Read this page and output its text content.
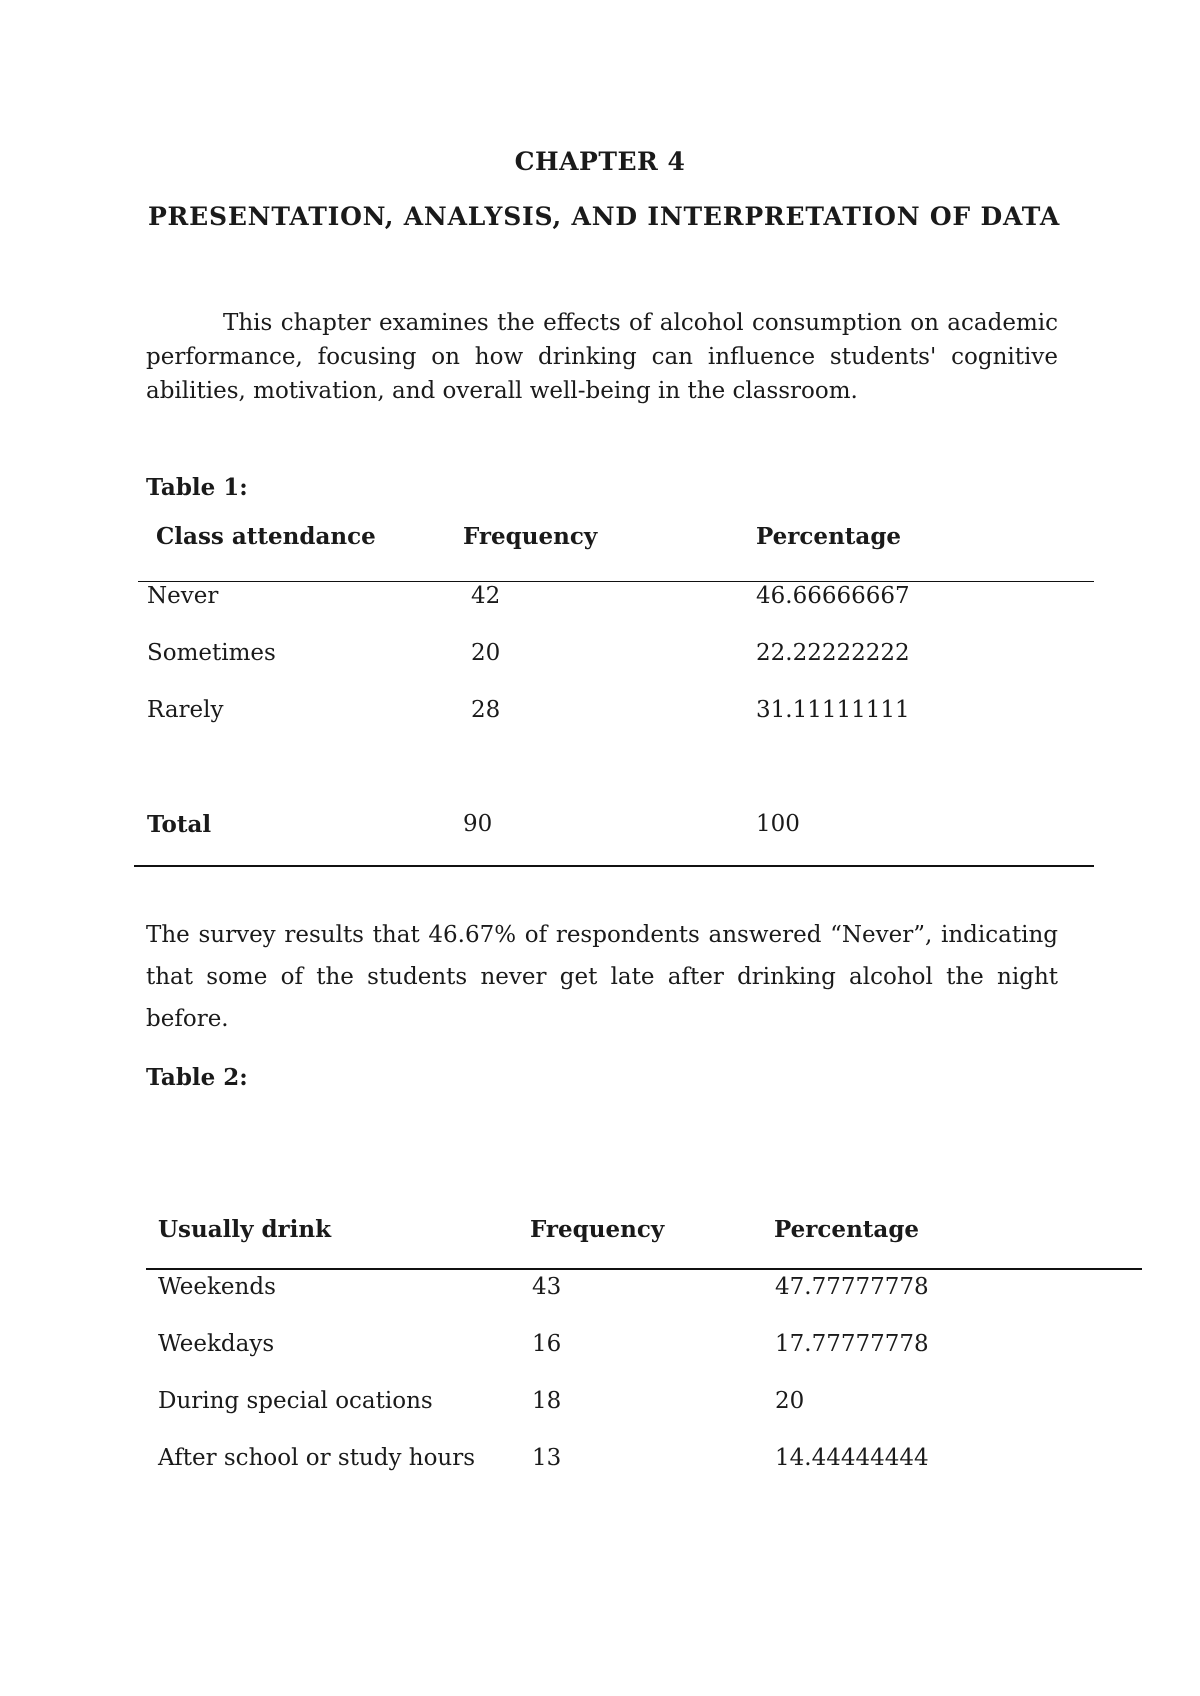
CHAPTER 4
PRESENTATION, ANALYSIS, AND INTERPRETATION OF DATA
This chapter examines the effects of alcohol consumption on academic performance, focusing on how drinking can influence students' cognitive abilities, motivation, and overall well-being in the classroom.
Table 1:
Class attendance	Frequency	Percentage
Never	42	46.66666667
Sometimes	20	22.22222222
Rarely	28	31.11111111
Total	90	100
The survey results that 46.67% of respondents answered “Never”, indicating that some of the students never get late after drinking alcohol the night before.
Table 2:
Usually drink	Frequency	Percentage
Weekends	43	47.77777778
Weekdays	16	17.77777778
During special ocations	18	20
After school or study hours 13	14.44444444
